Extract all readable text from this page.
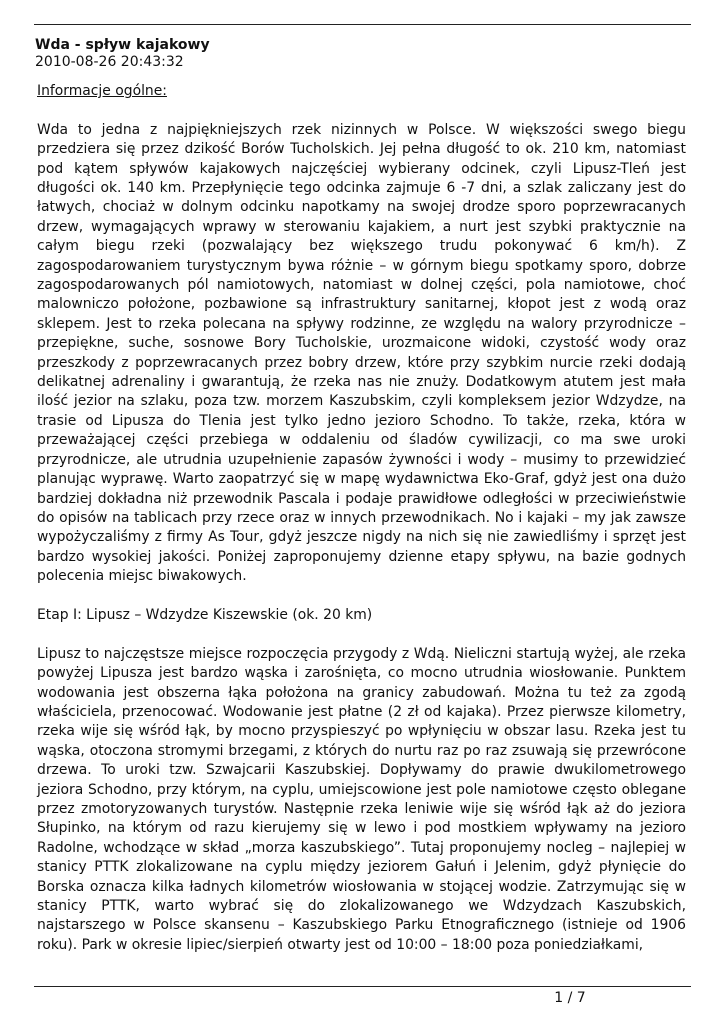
Wda - spływ kajakowy
2010-08-26 20:43:32

Informacje ogólne:

Wda to jedna z najpiękniejszych rzek nizinnych w Polsce. W większości swego biegu przedziera się przez dzikość Borów Tucholskich. Jej pełna długość to ok. 210 km, natomiast pod kątem spływów kajakowych najczęściej wybierany odcinek, czyli Lipusz-Tleń jest długości ok. 140 km. Przepłynięcie tego odcinka zajmuje 6 -7 dni, a szlak zaliczany jest do łatwych, chociaż w dolnym odcinku napotkamy na swojej drodze sporo poprzewracanych drzew, wymagających wprawy w sterowaniu kajakiem, a nurt jest szybki praktycznie na całym biegu rzeki (pozwalający bez większego trudu pokonywać 6 km/h). Z zagospodarowaniem turystycznym bywa różnie – w górnym biegu spotkamy sporo, dobrze zagospodarowanych pól namiotowych, natomiast w dolnej części, pola namiotowe, choć malowniczo położone, pozbawione są infrastruktury sanitarnej, kłopot jest z wodą oraz sklepem. Jest to rzeka polecana na spływy rodzinne, ze względu na walory przyrodnicze – przepiękne, suche, sosnowe Bory Tucholskie, urozmaicone widoki, czystość wody oraz przeszkody z poprzewracanych przez bobry drzew, które przy szybkim nurcie rzeki dodają delikatnej adrenaliny i gwarantują, że rzeka nas nie znuży. Dodatkowym atutem jest mała ilość jezior na szlaku, poza tzw. morzem Kaszubskim, czyli kompleksem jezior Wdzydze, na trasie od Lipusza do Tlenia jest tylko jedno jezioro Schodno. To także, rzeka, która w przeważającej części przebiega w oddaleniu od śladów cywilizacji, co ma swe uroki przyrodnicze, ale utrudnia uzupełnienie zapasów żywności i wody – musimy to przewidzieć planując wyprawę. Warto zaopatrzyć się w mapę wydawnictwa Eko-Graf, gdyż jest ona dużo bardziej dokładna niż przewodnik Pascala i podaje prawidłowe odległości w przeciwieństwie do opisów na tablicach przy rzece oraz w innych przewodnikach. No i kajaki – my jak zawsze wypożyczaliśmy z firmy As Tour, gdyż jeszcze nigdy na nich się nie zawiedliśmy i sprzęt jest bardzo wysokiej jakości. Poniżej zaproponujemy dzienne etapy spływu, na bazie godnych polecenia miejsc biwakowych.

Etap I: Lipusz – Wdzydze Kiszewskie (ok. 20 km)

Lipusz to najczęstsze miejsce rozpoczęcia przygody z Wdą. Nieliczni startują wyżej, ale rzeka powyżej Lipusza jest bardzo wąska i zarośnięta, co mocno utrudnia wiosłowanie. Punktem wodowania jest obszerna łąka położona na granicy zabudowań. Można tu też za zgodą właściciela, przenocować. Wodowanie jest płatne (2 zł od kajaka). Przez pierwsze kilometry, rzeka wije się wśród łąk, by mocno przyspieszyć po wpłynięciu w obszar lasu. Rzeka jest tu wąska, otoczona stromymi brzegami, z których do nurtu raz po raz zsuwają się przewrócone drzewa. To uroki tzw. Szwajcarii Kaszubskiej. Dopływamy do prawie dwukilometrowego jeziora Schodno, przy którym, na cyplu, umiejscowione jest pole namiotowe często oblegane przez zmotoryzowanych turystów. Następnie rzeka leniwie wije się wśród łąk aż do jeziora Słupinko, na którym od razu kierujemy się w lewo i pod mostkiem wpływamy na jezioro Radolne, wchodzące w skład „morza kaszubskiego”. Tutaj proponujemy nocleg – najlepiej w stanicy PTTK zlokalizowane na cyplu między jeziorem Gałuń i Jelenim, gdyż płynięcie do Borska oznacza kilka ładnych kilometrów wiosłowania w stojącej wodzie. Zatrzymując się w stanicy PTTK, warto wybrać się do zlokalizowanego we Wdzydzach Kaszubskich, najstarszego w Polsce skansenu – Kaszubskiego Parku Etnograficznego (istnieje od 1906 roku). Park w okresie lipiec/sierpień otwarty jest od 10:00 – 18:00 poza poniedziałkami,

1 / 7
